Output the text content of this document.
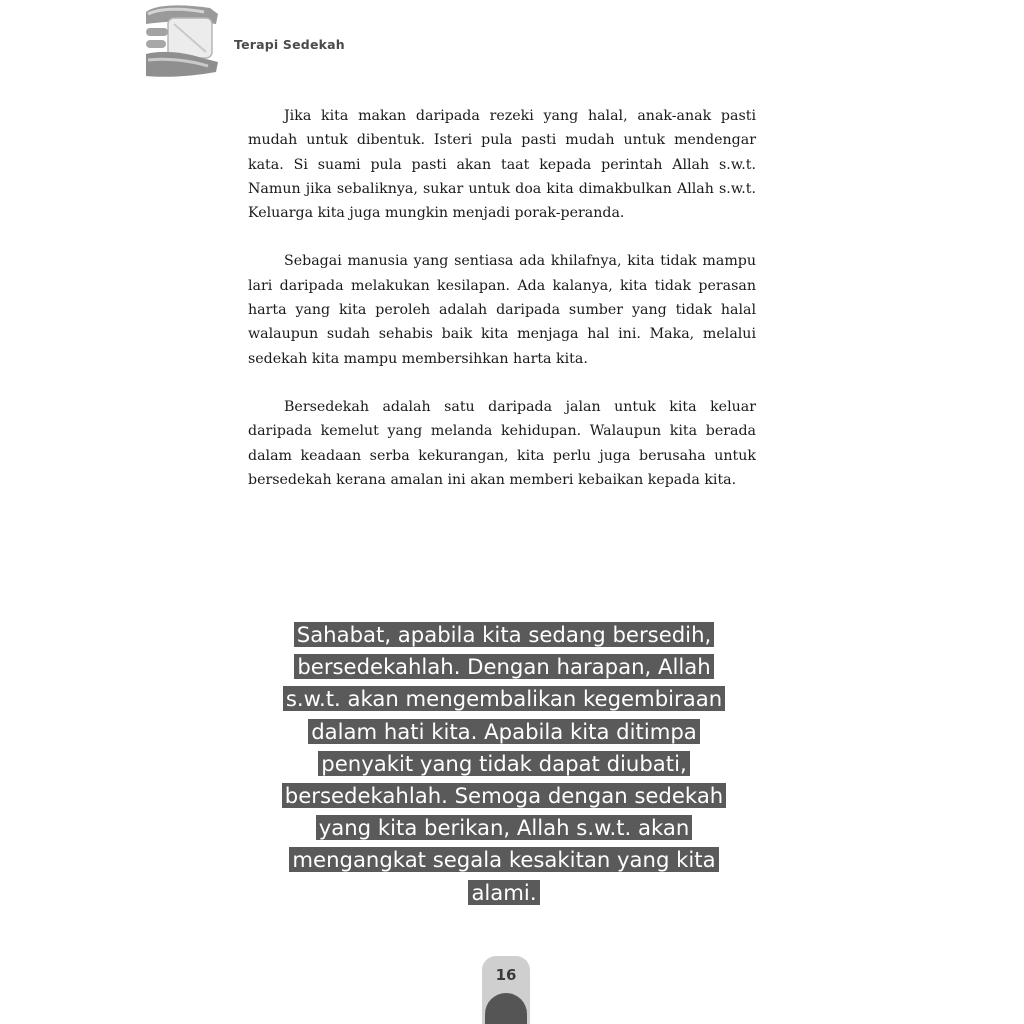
Terapi Sedekah

Jika kita makan daripada rezeki yang halal, anak-anak pasti mudah untuk dibentuk. Isteri pula pasti mudah untuk mendengar kata. Si suami pula pasti akan taat kepada perintah Allah s.w.t. Namun jika sebaliknya, sukar untuk doa kita dimakbulkan Allah s.w.t. Keluarga kita juga mungkin menjadi porak-peranda.

Sebagai manusia yang sentiasa ada khilafnya, kita tidak mampu lari daripada melakukan kesilapan. Ada kalanya, kita tidak perasan harta yang kita peroleh adalah daripada sumber yang tidak halal walaupun sudah sehabis baik kita menjaga hal ini. Maka, melalui sedekah kita mampu membersihkan harta kita.

Bersedekah adalah satu daripada jalan untuk kita keluar daripada kemelut yang melanda kehidupan. Walaupun kita berada dalam keadaan serba kekurangan, kita perlu juga berusaha untuk bersedekah kerana amalan ini akan memberi kebaikan kepada kita.

Sahabat, apabila kita sedang bersedih,
bersedekahlah. Dengan harapan, Allah
s.w.t. akan mengembalikan kegembiraan
dalam hati kita. Apabila kita ditimpa
penyakit yang tidak dapat diubati,
bersedekahlah. Semoga dengan sedekah
yang kita berikan, Allah s.w.t. akan
mengangkat segala kesakitan yang kita
alami.
16
